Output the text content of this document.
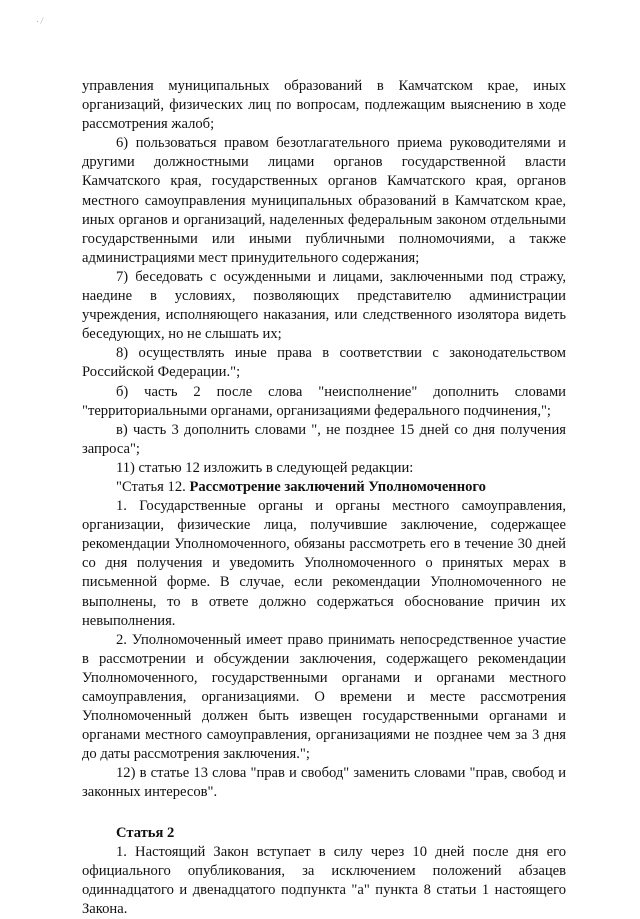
· ⁄

управления муниципальных образований в Камчатском крае, иных организаций, физических лиц по вопросам, подлежащим выяснению в ходе рассмотрения жалоб;

6) пользоваться правом безотлагательного приема руководителями и другими должностными лицами органов государственной власти Камчатского края, государственных органов Камчатского края, органов местного самоуправления муниципальных образований в Камчатском крае, иных органов и организаций, наделенных федеральным законом отдельными государственными или иными публичными полномочиями, а также администрациями мест принудительного содержания;

7) беседовать с осужденными и лицами, заключенными под стражу, наедине в условиях, позволяющих представителю администрации учреждения, исполняющего наказания, или следственного изолятора видеть беседующих, но не слышать их;

8) осуществлять иные права в соответствии с законодательством Российской Федерации.";

б) часть 2 после слова "неисполнение" дополнить словами "территориальными органами, организациями федерального подчинения,";

в) часть 3 дополнить словами ", не позднее 15 дней со дня получения запроса";

11) статью 12 изложить в следующей редакции:

"Статья 12. Рассмотрение заключений Уполномоченного

1. Государственные органы и органы местного самоуправления, организации, физические лица, получившие заключение, содержащее рекомендации Уполномоченного, обязаны рассмотреть его в течение 30 дней со дня получения и уведомить Уполномоченного о принятых мерах в письменной форме. В случае, если рекомендации Уполномоченного не выполнены, то в ответе должно содержаться обоснование причин их невыполнения.

2. Уполномоченный имеет право принимать непосредственное участие в рассмотрении и обсуждении заключения, содержащего рекомендации Уполномоченного, государственными органами и органами местного самоуправления, организациями. О времени и месте рассмотрения Уполномоченный должен быть извещен государственными органами и органами местного самоуправления, организациями не позднее чем за 3 дня до даты рассмотрения заключения.";

12) в статье 13 слова "прав и свобод" заменить словами "прав, свобод и законных интересов".

Статья 2

1. Настоящий Закон вступает в силу через 10 дней после дня его официального опубликования, за исключением положений абзацев одиннадцатого и двенадцатого подпункта "а" пункта 8 статьи 1 настоящего Закона.
